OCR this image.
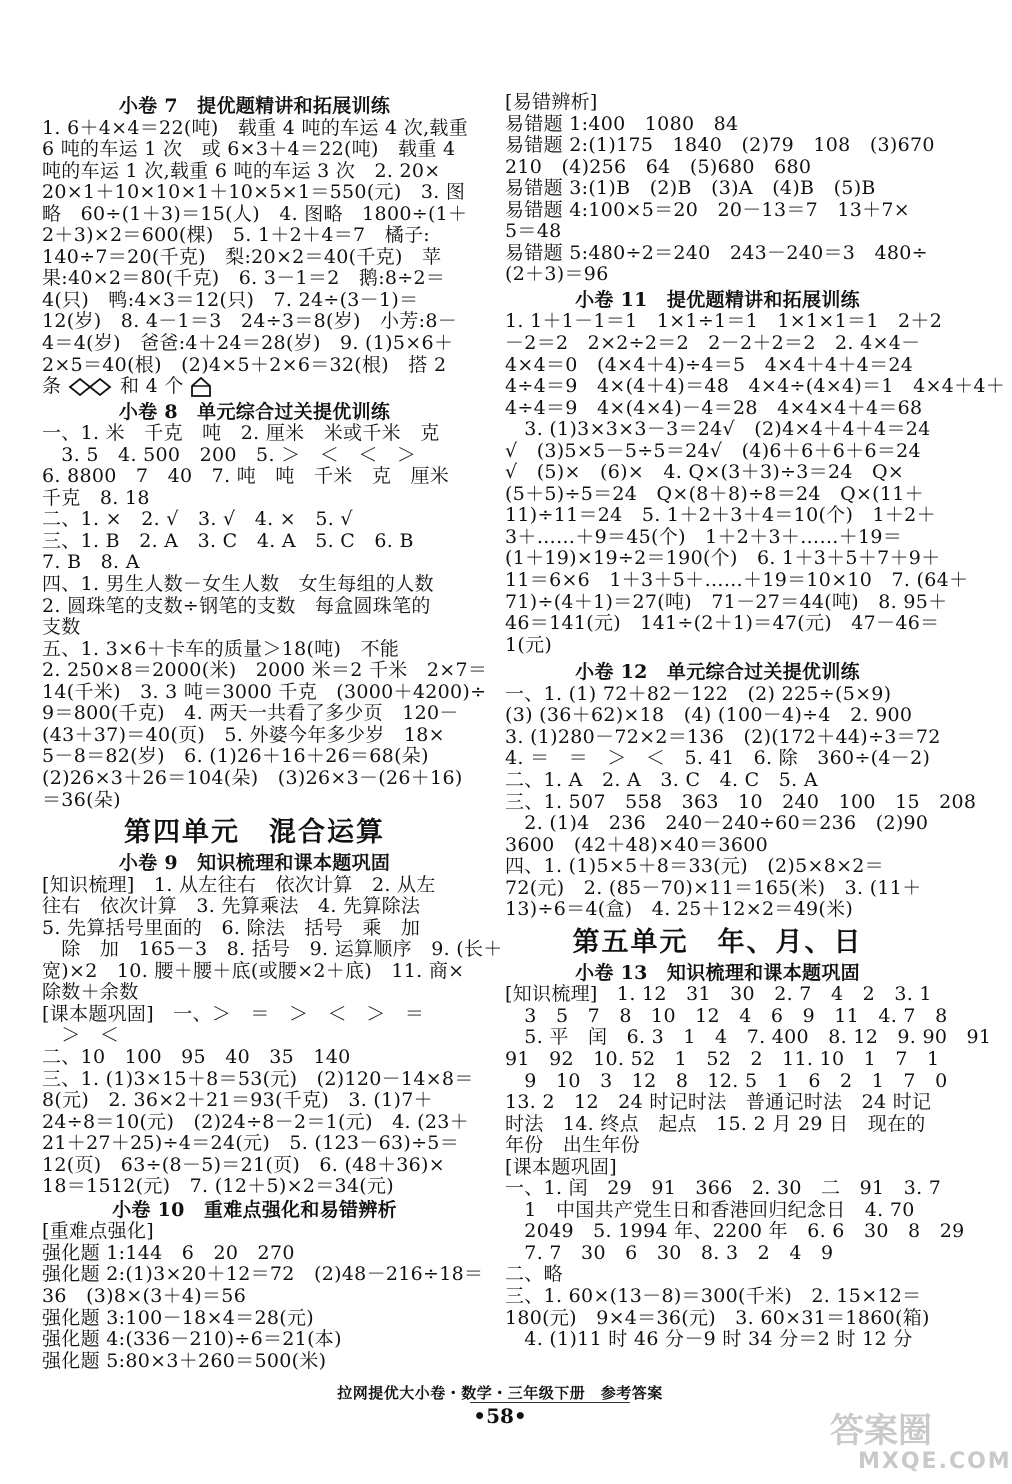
小卷 7　提优题精讲和拓展训练
1. 6＋4×4＝22(吨)　载重 4 吨的车运 4 次,载重
6 吨的车运 1 次　或 6×3＋4＝22(吨)　载重 4
吨的车运 1 次,载重 6 吨的车运 3 次　2. 20×
20×1＋10×10×1＋10×5×1＝550(元)　3. 图
略　60÷(1＋3)＝15(人)　4. 图略　1800÷(1＋
2＋3)×2＝600(棵)　5. 1＋2＋4＝7　橘子:
140÷7＝20(千克)　梨:20×2＝40(千克)　苹
果:40×2＝80(千克)　6. 3－1＝2　鹅:8÷2＝
4(只)　鸭:4×3＝12(只)　7. 24÷(3－1)＝
12(岁)　8. 4－1＝3　24÷3＝8(岁)　小芳:8－
4＝4(岁)　爸爸:4＋24＝28(岁)　9. (1)5×6＋
2×5＝40(根)　(2)4×5＋2×6＝32(根)　搭 2
条	和 4 个
小卷 8　单元综合过关提优训练
一、1. 米　千克　吨　2. 厘米　米或千米　克
　3. 5　4. 500　200　5. ＞　＜　＜　＞
6. 8800　7　40　7. 吨　吨　千米　克　厘米
千克　8. 18
二、1. ×　2. √　3. √　4. ×　5. √
三、1. B　2. A　3. C　4. A　5. C　6. B
7. B　8. A
四、1. 男生人数－女生人数　女生每组的人数
2. 圆珠笔的支数÷钢笔的支数　每盒圆珠笔的
支数
五、1. 3×6＋卡车的质量＞18(吨)　不能
2. 250×8＝2000(米)　2000 米＝2 千米　2×7＝
14(千米)　3. 3 吨＝3000 千克　(3000＋4200)÷
9＝800(千克)　4. 两天一共看了多少页　120－
(43＋37)＝40(页)　5. 外婆今年多少岁　18×
5－8＝82(岁)　6. (1)26＋16＋26＝68(朵)
(2)26×3＋26＝104(朵)　(3)26×3－(26＋16)
＝36(朵)
第四单元　混合运算
小卷 9　知识梳理和课本题巩固
[知识梳理]　1. 从左往右　依次计算　2. 从左
往右　依次计算　3. 先算乘法　4. 先算除法
5. 先算括号里面的　6. 除法　括号　乘　加
　除　加　165－3　8. 括号　9. 运算顺序　9. (长＋
宽)×2　10. 腰＋腰＋底(或腰×2＋底)　11. 商×
除数＋余数
[课本题巩固]　一、＞　＝　＞　＜　＞　＝
　＞　＜
二、10　100　95　40　35　140
三、1. (1)3×15＋8＝53(元)　(2)120－14×8＝
8(元)　2. 36×2＋21＝93(千克)　3. (1)7＋
24÷8＝10(元)　(2)24÷8－2＝1(元)　4. (23＋
21＋27＋25)÷4＝24(元)　5. (123－63)÷5＝
12(页)　63÷(8－5)＝21(页)　6. (48＋36)×
18＝1512(元)　7. (12＋5)×2＝34(元)
小卷 10　重难点强化和易错辨析
[重难点强化]
强化题 1:144　6　20　270
强化题 2:(1)3×20＋12＝72　(2)48－216÷18＝
36　(3)8×(3＋4)＝56
强化题 3:100－18×4＝28(元)
强化题 4:(336－210)÷6＝21(本)
强化题 5:80×3＋260＝500(米)
[易错辨析]
易错题 1:400　1080　84
易错题 2:(1)175　1840　(2)79　108　(3)670
210　(4)256　64　(5)680　680
易错题 3:(1)B　(2)B　(3)A　(4)B　(5)B
易错题 4:100×5＝20　20－13＝7　13＋7×
5＝48
易错题 5:480÷2＝240　243－240＝3　480÷
(2＋3)＝96
小卷 11　提优题精讲和拓展训练
1. 1＋1－1＝1　1×1÷1＝1　1×1×1＝1　2＋2
－2＝2　2×2÷2＝2　2－2＋2＝2　2. 4×4－
4×4＝0　(4×4＋4)÷4＝5　4×4＋4＋4＝24
4÷4＝9　4×(4＋4)＝48　4×4÷(4×4)＝1　4×4＋4＋
4÷4＝9　4×(4×4)－4＝28　4×4×4＋4＝68
　3. (1)3×3×3－3＝24√　(2)4×4＋4＋4＝24
√　(3)5×5－5÷5＝24√　(4)6＋6＋6＋6＝24
√　(5)×　(6)×　4. Q×(3＋3)÷3＝24　Q×
(5＋5)÷5＝24　Q×(8＋8)÷8＝24　Q×(11＋
11)÷11＝24　5. 1＋2＋3＋4＝10(个)　1＋2＋
3＋……＋9＝45(个)　1＋2＋3＋……＋19＝
(1＋19)×19÷2＝190(个)　6. 1＋3＋5＋7＋9＋
11＝6×6　1＋3＋5＋……＋19＝10×10　7. (64＋
71)÷(4＋1)＝27(吨)　71－27＝44(吨)　8. 95＋
46＝141(元)　141÷(2＋1)＝47(元)　47－46＝
1(元)
小卷 12　单元综合过关提优训练
一、1. (1) 72＋82－122　(2) 225÷(5×9)
(3) (36＋62)×18　(4) (100－4)÷4　2. 900
3. (1)280－72×2＝136　(2)(172＋44)÷3＝72
4. ＝　＝　＞　＜　5. 41　6. 除　360÷(4－2)
二、1. A　2. A　3. C　4. C　5. A
三、1. 507　558　363　10　240　100　15　208
　2. (1)4　236　240－240÷60＝236　(2)90
3600　(42＋48)×40＝3600
四、1. (1)5×5＋8＝33(元)　(2)5×8×2＝
72(元)　2. (85－70)×11＝165(米)　3. (11＋
13)÷6＝4(盒)　4. 25＋12×2＝49(米)
第五单元　年、月、日
小卷 13　知识梳理和课本题巩固
[知识梳理]　1. 12　31　30　2. 7　4　2　3. 1
　3　5　7　8　10　12　4　6　9　11　4. 7　8
　5. 平　闰　6. 3　1　4　7. 400　8. 12　9. 90　91
91　92　10. 52　1　52　2　11. 10　1　7　1
　9　10　3　12　8　12. 5　1　6　2　1　7　0
13. 2　12　24 时记时法　普通记时法　24 时记
时法　14. 终点　起点　15. 2 月 29 日　现在的
年份　出生年份
[课本题巩固]
一、1. 闰　29　91　366　2. 30　二　91　3. 7
　1　中国共产党生日和香港回归纪念日　4. 70
　2049　5. 1994 年、2200 年　6. 6　30　8　29
　7. 7　30　6　30　8. 3　2　4　9
二、略
三、1. 60×(13－8)＝300(千米)　2. 15×12＝
180(元)　9×4＝36(元)　3. 60×31＝1860(箱)
　4. (1)11 时 46 分－9 时 34 分＝2 时 12 分
拉网提优大小卷・数学・三年级下册　参考答案
•58•	答案圈
MXQE.COM
